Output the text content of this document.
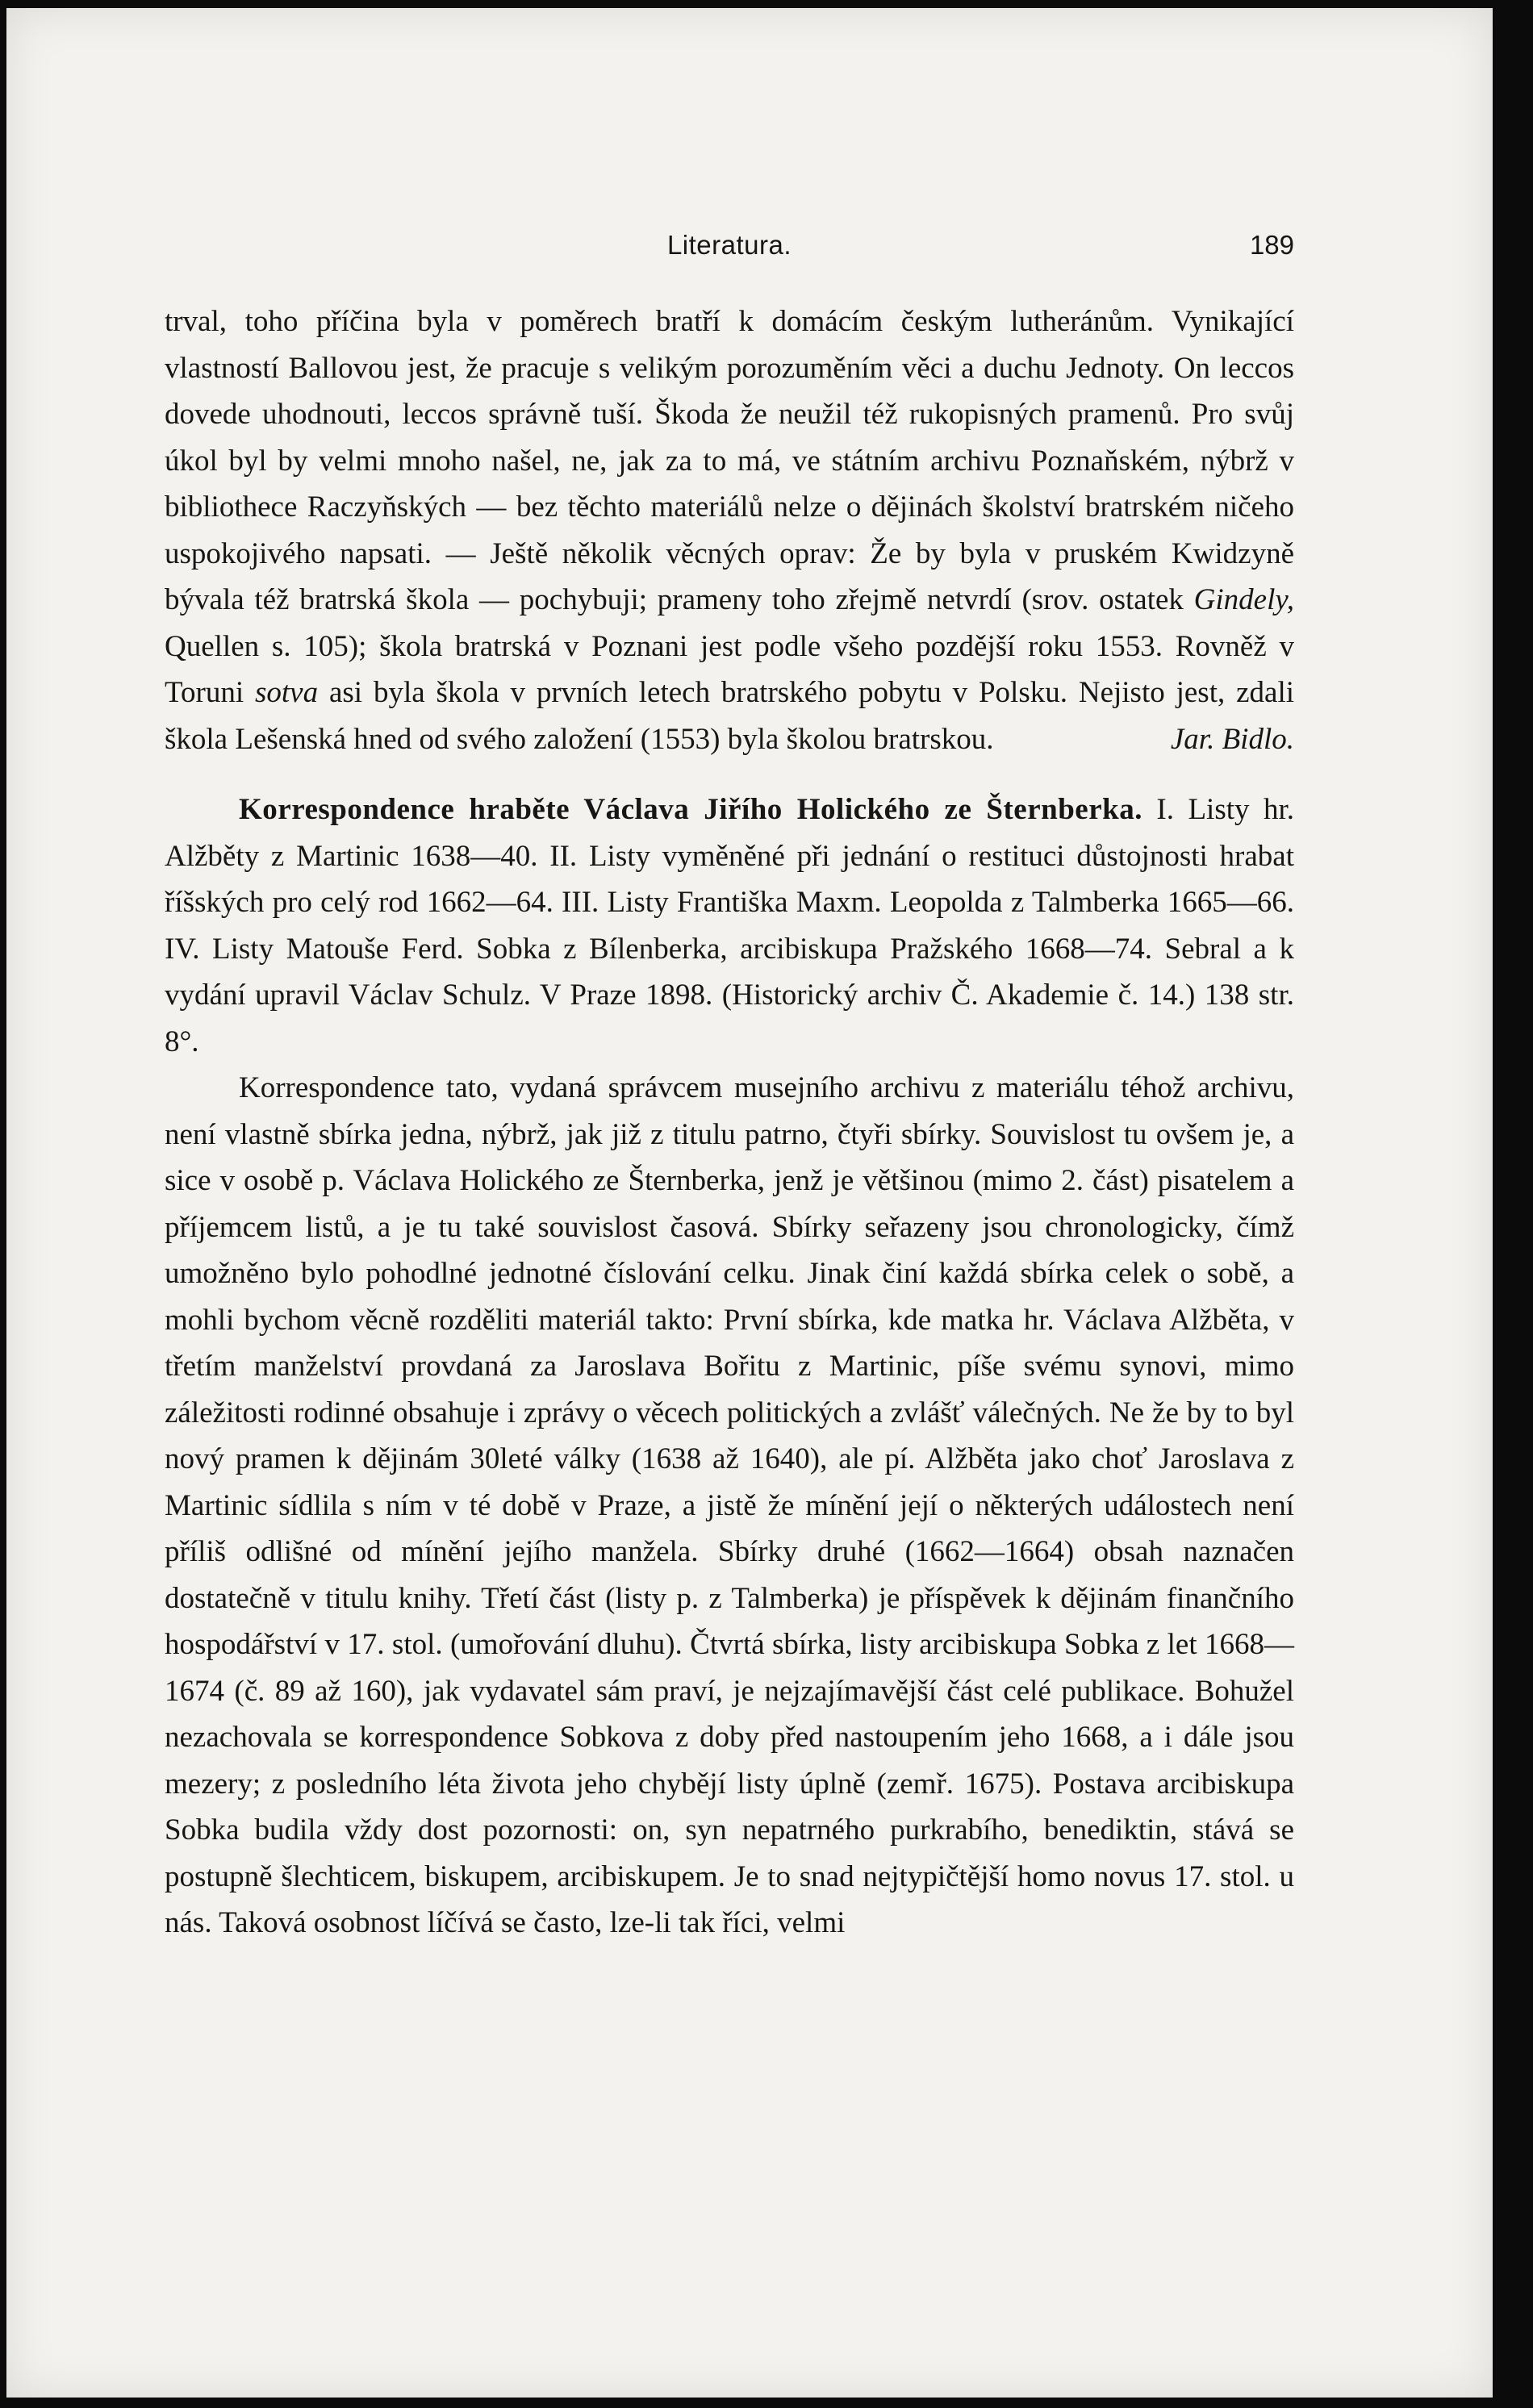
Literatura.	189

trval, toho příčina byla v poměrech bratří k domácím českým lutheránům. Vynikající vlastností Ballovou jest, že pracuje s velikým porozuměním věci a duchu Jednoty. On leccos dovede uhodnouti, leccos správně tuší. Škoda že neužil též rukopisných pramenů. Pro svůj úkol byl by velmi mnoho našel, ne, jak za to má, ve státním archivu Poznaňském, nýbrž v bibliothece Raczyňských — bez těchto materiálů nelze o dějinách školství bratrském ničeho uspokojivého napsati. — Ještě několik věcných oprav: Že by byla v pruském Kwidzyně bývala též bratrská škola — pochybuji; prameny toho zřejmě netvrdí (srov. ostatek Gindely, Quellen s. 105); škola bratrská v Poznani jest podle všeho pozdější roku 1553. Rovněž v Toruni sotva asi byla škola v prvních letech bratrského pobytu v Polsku. Nejisto jest, zdali škola Lešenská hned od svého založení (1553) byla školou bratrskou.	Jar. Bidlo.

Korrespondence hraběte Václava Jiřího Holického ze Šternberka. I. Listy hr. Alžběty z Martinic 1638—40. II. Listy vyměněné při jednání o restituci důstojnosti hrabat říšských pro celý rod 1662—64. III. Listy Františka Maxm. Leopolda z Talmberka 1665—66. IV. Listy Matouše Ferd. Sobka z Bílenberka, arcibiskupa Pražského 1668—74. Sebral a k vydání upravil Václav Schulz. V Praze 1898. (Historický archiv Č. Akademie č. 14.) 138 str. 8°.

Korrespondence tato, vydaná správcem musejního archivu z materiálu téhož archivu, není vlastně sbírka jedna, nýbrž, jak již z titulu patrno, čtyři sbírky. Souvislost tu ovšem je, a sice v osobě p. Václava Holického ze Šternberka, jenž je většinou (mimo 2. část) pisatelem a příjemcem listů, a je tu také souvislost časová. Sbírky seřazeny jsou chronologicky, čímž umožněno bylo pohodlné jednotné číslování celku. Jinak činí každá sbírka celek o sobě, a mohli bychom věcně rozděliti materiál takto: První sbírka, kde matka hr. Václava Alžběta, v třetím manželství provdaná za Jaroslava Bořitu z Martinic, píše svému synovi, mimo záležitosti rodinné obsahuje i zprávy o věcech politických a zvlášť válečných. Ne že by to byl nový pramen k dějinám 30leté války (1638 až 1640), ale pí. Alžběta jako choť Jaroslava z Martinic sídlila s ním v té době v Praze, a jistě že mínění její o některých událostech není příliš odlišné od mínění jejího manžela. Sbírky druhé (1662—1664) obsah naznačen dostatečně v titulu knihy. Třetí část (listy p. z Talmberka) je příspěvek k dějinám finančního hospodářství v 17. stol. (umořování dluhu). Čtvrtá sbírka, listy arcibiskupa Sobka z let 1668—1674 (č. 89 až 160), jak vydavatel sám praví, je nejzajímavější část celé publikace. Bohužel nezachovala se korrespondence Sobkova z doby před nastoupením jeho 1668, a i dále jsou mezery; z posledního léta života jeho chybějí listy úplně (zemř. 1675). Postava arcibiskupa Sobka budila vždy dost pozornosti: on, syn nepatrného purkrabího, benediktin, stává se postupně šlechticem, biskupem, arcibiskupem. Je to snad nejtypičtější homo novus 17. stol. u nás. Taková osobnost líčívá se často, lze-li tak říci, velmi
